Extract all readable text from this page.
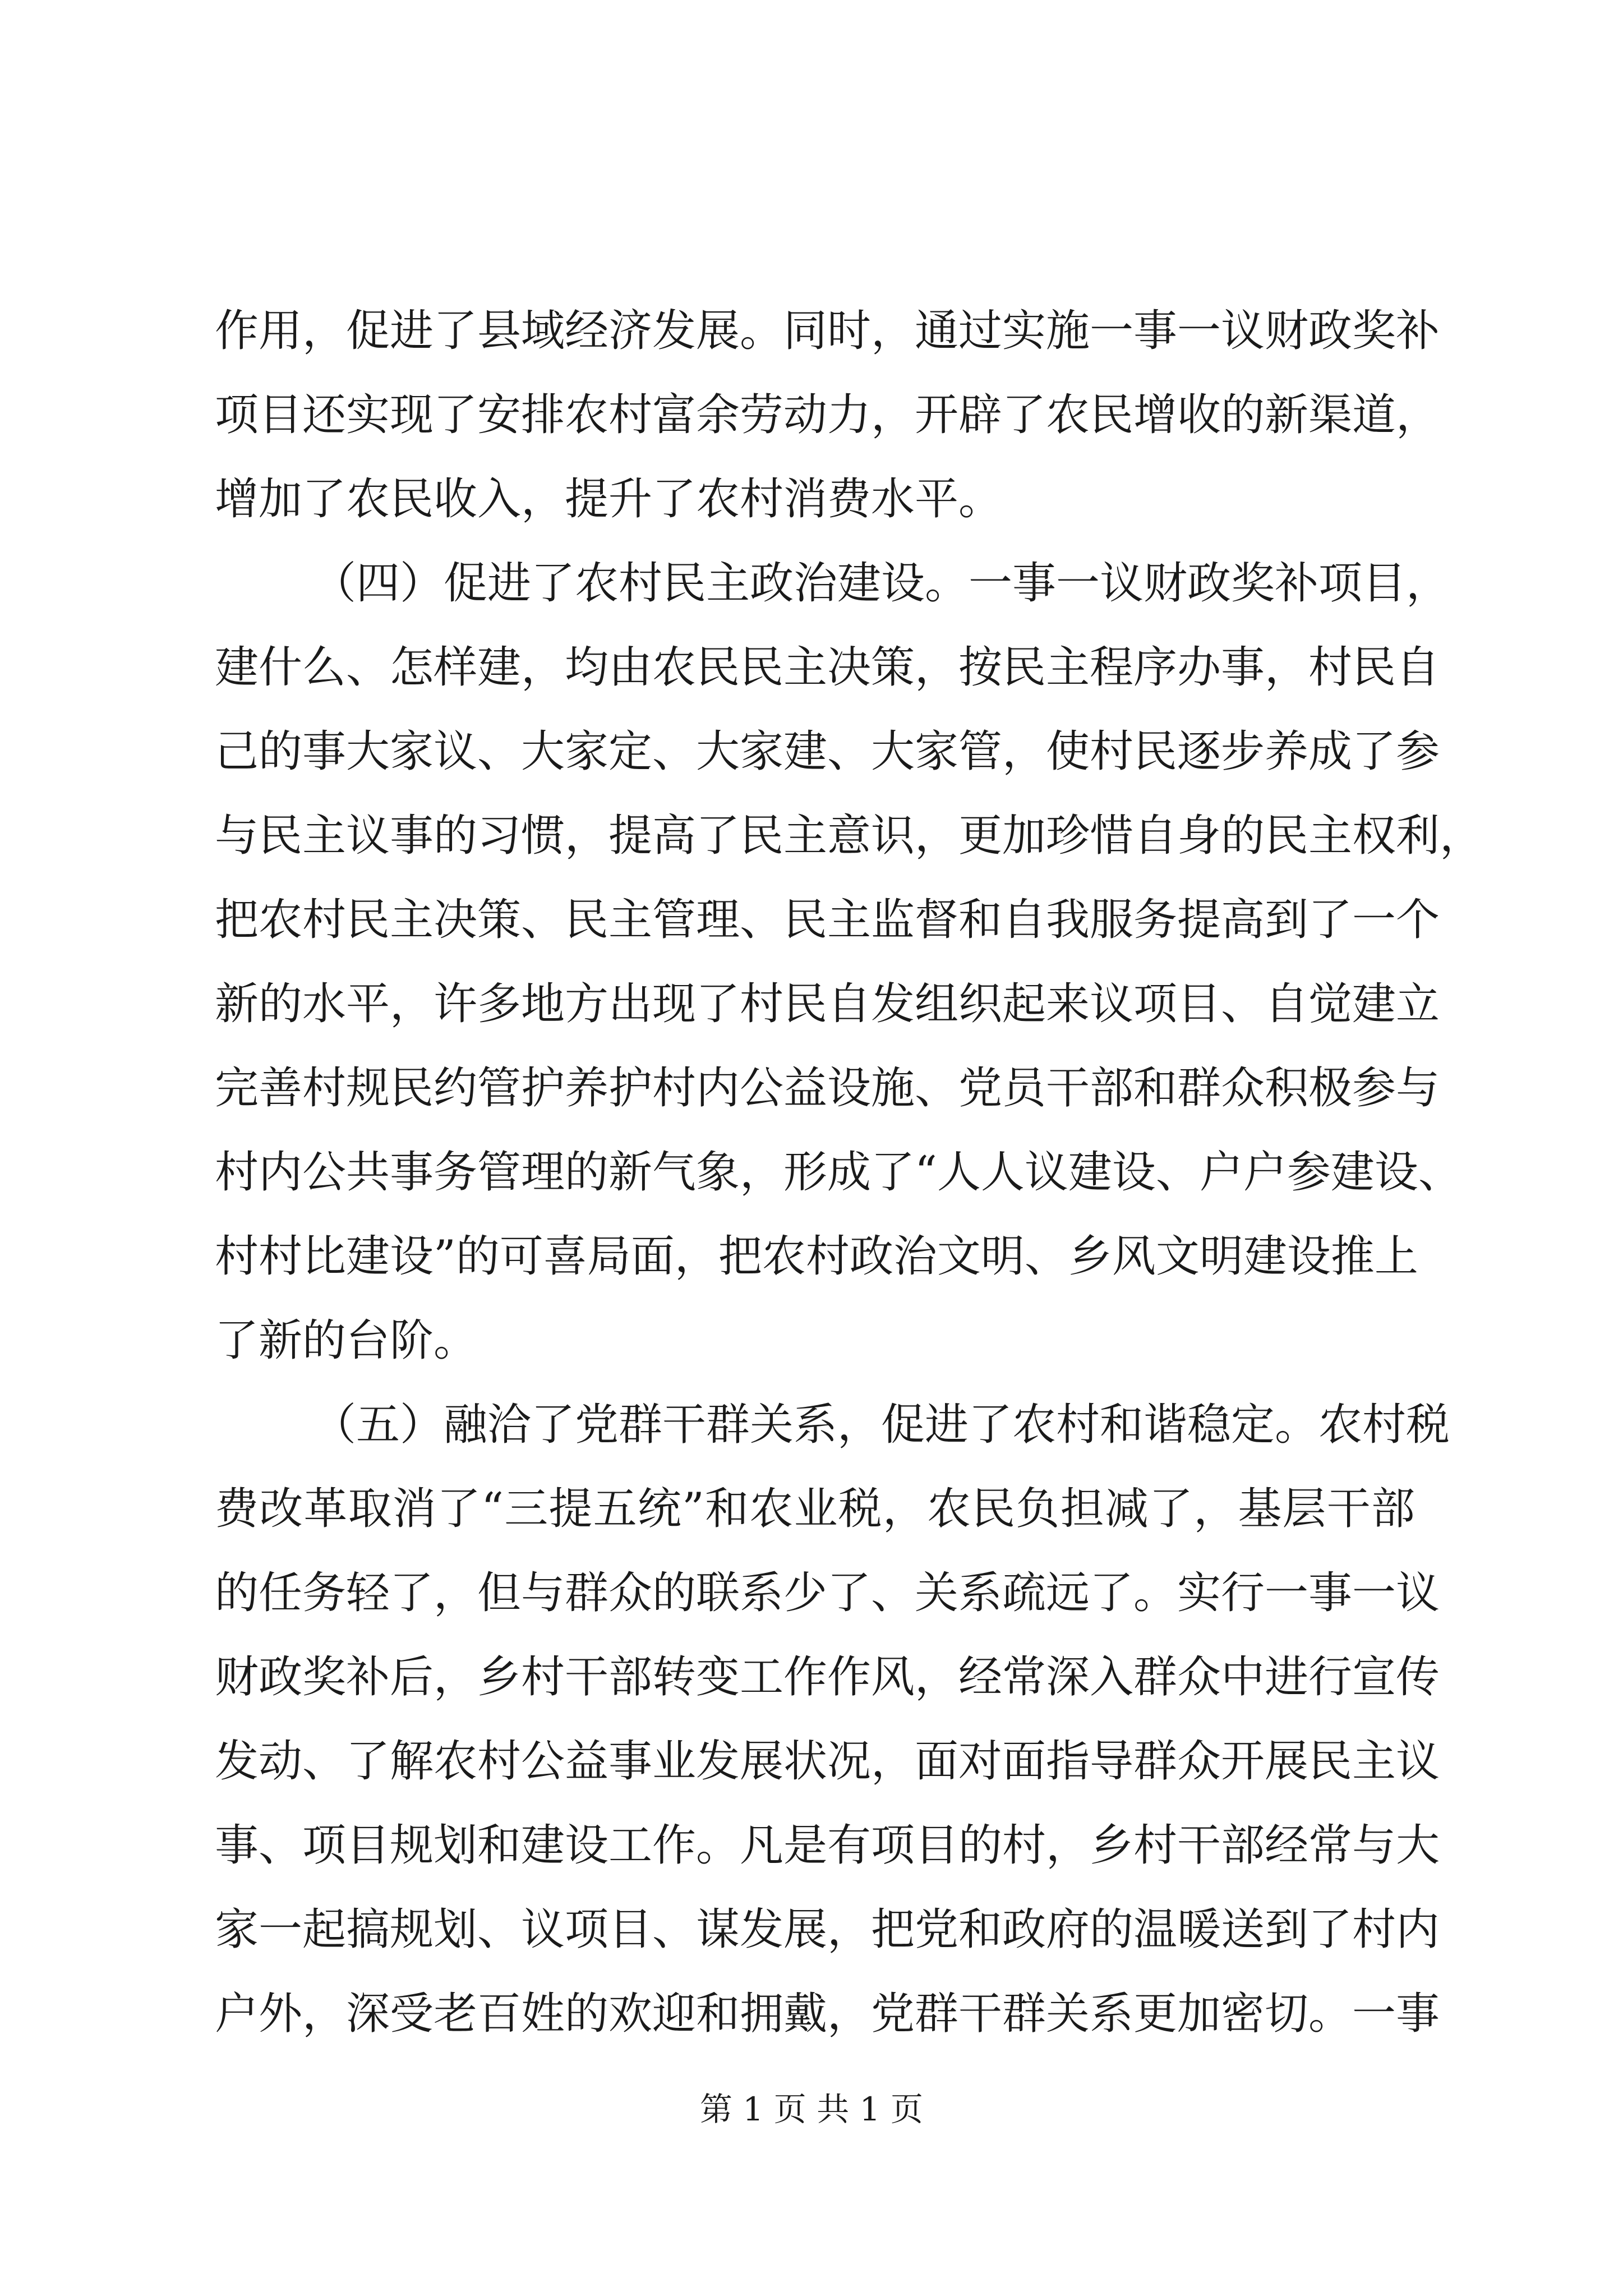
作用，促进了县域经济发展。同时，通过实施一事一议财政奖补
项目还实现了安排农村富余劳动力，开辟了农民增收的新渠道，
增加了农民收入，提升了农村消费水平。
（四）促进了农村民主政治建设。一事一议财政奖补项目，
建什么、怎样建，均由农民民主决策，按民主程序办事，村民自
己的事大家议、大家定、大家建、大家管，使村民逐步养成了参
与民主议事的习惯，提高了民主意识，更加珍惜自身的民主权利，
把农村民主决策、民主管理、民主监督和自我服务提高到了一个
新的水平，许多地方出现了村民自发组织起来议项目、自觉建立
完善村规民约管护养护村内公益设施、党员干部和群众积极参与
村内公共事务管理的新气象，形成了“人人议建设、户户参建设、
村村比建设”的可喜局面，把农村政治文明、乡风文明建设推上
了新的台阶。
（五）融洽了党群干群关系，促进了农村和谐稳定。农村税
费改革取消了“三提五统”和农业税，农民负担减了，基层干部
的任务轻了，但与群众的联系少了、关系疏远了。实行一事一议
财政奖补后，乡村干部转变工作作风，经常深入群众中进行宣传
发动、了解农村公益事业发展状况，面对面指导群众开展民主议
事、项目规划和建设工作。凡是有项目的村，乡村干部经常与大
家一起搞规划、议项目、谋发展，把党和政府的温暖送到了村内
户外，深受老百姓的欢迎和拥戴，党群干群关系更加密切。一事
第 1 页 共 1 页
